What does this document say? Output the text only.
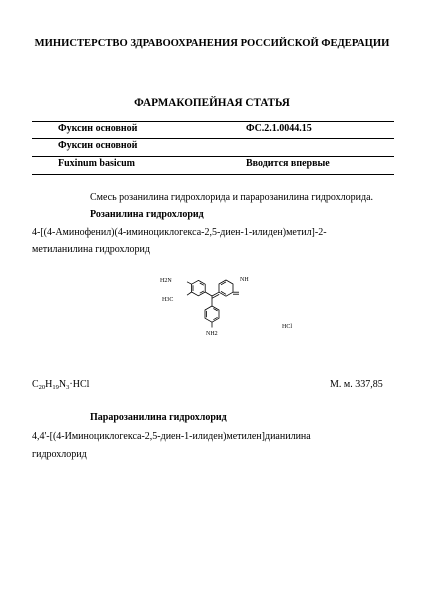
МИНИСТЕРСТВО ЗДРАВООХРАНЕНИЯ РОССИЙСКОЙ ФЕДЕРАЦИИ
ФАРМАКОПЕЙНАЯ СТАТЬЯ
Фуксин основной	ФС.2.1.0044.15
Фуксин основной
Fuxinum basicum	Вводится впервые
Смесь розанилина гидрохлорида и парарозанилина гидрохлорида.
Розанилина гидрохлорид
4-[(4-Аминофенил)(4-иминоциклогекса-2,5-диен-1-илиден)метил]-2-
метиланилина гидрохлорид
H2N
H3C
NH
NH2
HCl
$C_{20}H_{19}N_3\cdot HCl$	М. м. 337,85
Парарозанилина гидрохлорид
4,4'-[(4-Иминоциклогекса-2,5-диен-1-илиден)метилен]дианилина
гидрохлорид
